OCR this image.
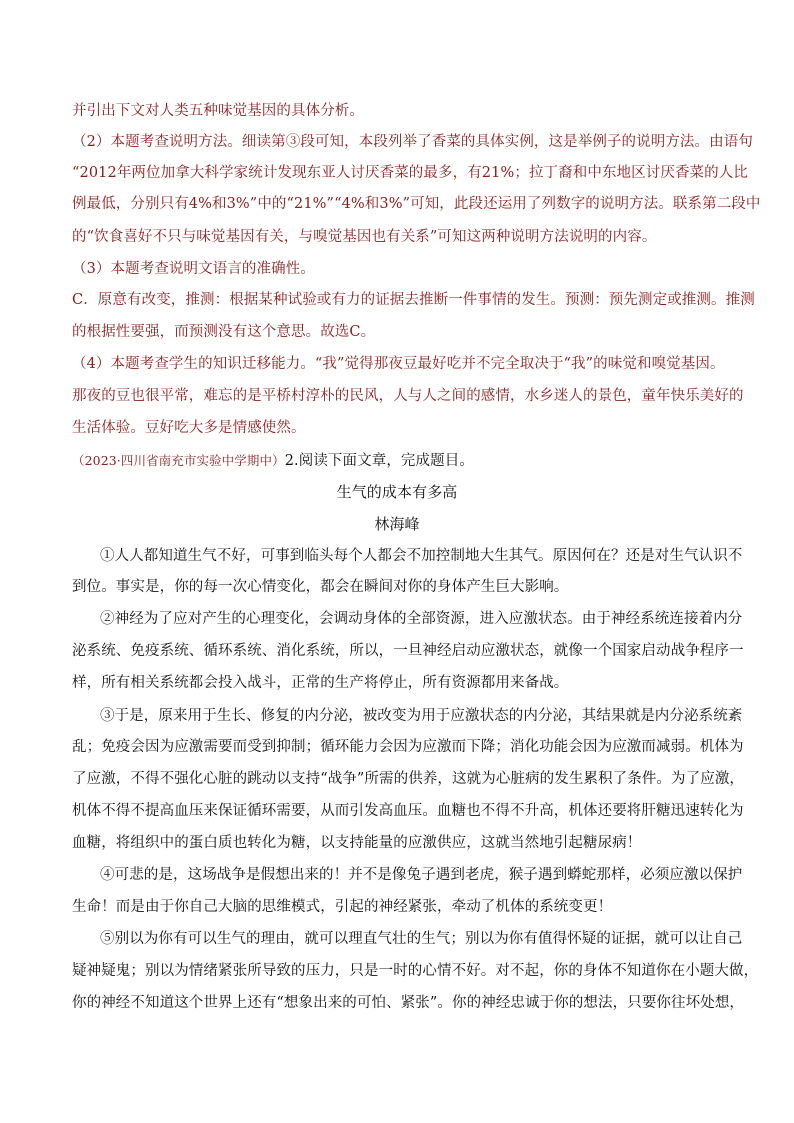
并引出下文对人类五种味觉基因的具体分析。
（2）本题考查说明方法。细读第③段可知，本段列举了香菜的具体实例，这是举例子的说明方法。由语句
“2012年两位加拿大科学家统计发现东亚人讨厌香菜的最多，有21%；拉丁裔和中东地区讨厌香菜的人比
例最低，分别只有4%和3%”中的“21%”“4%和3%”可知，此段还运用了列数字的说明方法。联系第二段中
的“饮食喜好不只与味觉基因有关，与嗅觉基因也有关系”可知这两种说明方法说明的内容。
（3）本题考查说明文语言的准确性。
C．原意有改变，推测：根据某种试验或有力的证据去推断一件事情的发生。预测：预先测定或推测。推测
的根据性要强，而预测没有这个意思。故选C。
（4）本题考查学生的知识迁移能力。“我”觉得那夜豆最好吃并不完全取决于“我”的味觉和嗅觉基因。
那夜的豆也很平常，难忘的是平桥村淳朴的民风，人与人之间的感情，水乡迷人的景色，童年快乐美好的
生活体验。豆好吃大多是情感使然。
（2023·四川省南充市实验中学期中）2.阅读下面文章，完成题目。
生气的成本有多高
林海峰
①人人都知道生气不好，可事到临头每个人都会不加控制地大生其气。原因何在？还是对生气认识不
到位。事实是，你的每一次心情变化，都会在瞬间对你的身体产生巨大影响。
②神经为了应对产生的心理变化，会调动身体的全部资源，进入应激状态。由于神经系统连接着内分
泌系统、免疫系统、循环系统、消化系统，所以，一旦神经启动应激状态，就像一个国家启动战争程序一
样，所有相关系统都会投入战斗，正常的生产将停止，所有资源都用来备战。
③于是，原来用于生长、修复的内分泌，被改变为用于应激状态的内分泌，其结果就是内分泌系统紊
乱；免疫会因为应激需要而受到抑制；循环能力会因为应激而下降；消化功能会因为应激而减弱。机体为
了应激，不得不强化心脏的跳动以支持“战争”所需的供养，这就为心脏病的发生累积了条件。为了应激，
机体不得不提高血压来保证循环需要，从而引发高血压。血糖也不得不升高，机体还要将肝糖迅速转化为
血糖，将组织中的蛋白质也转化为糖，以支持能量的应激供应，这就当然地引起糖尿病！
④可悲的是，这场战争是假想出来的！并不是像兔子遇到老虎，猴子遇到蟒蛇那样，必须应激以保护
生命！而是由于你自己大脑的思维模式，引起的神经紧张，牵动了机体的系统变更！
⑤别以为你有可以生气的理由，就可以理直气壮的生气；别以为你有值得怀疑的证据，就可以让自己
疑神疑鬼；别以为情绪紧张所导致的压力，只是一时的心情不好。对不起，你的身体不知道你在小题大做，
你的神经不知道这个世界上还有“想象出来的可怕、紧张”。你的神经忠诚于你的想法，只要你往坏处想，
